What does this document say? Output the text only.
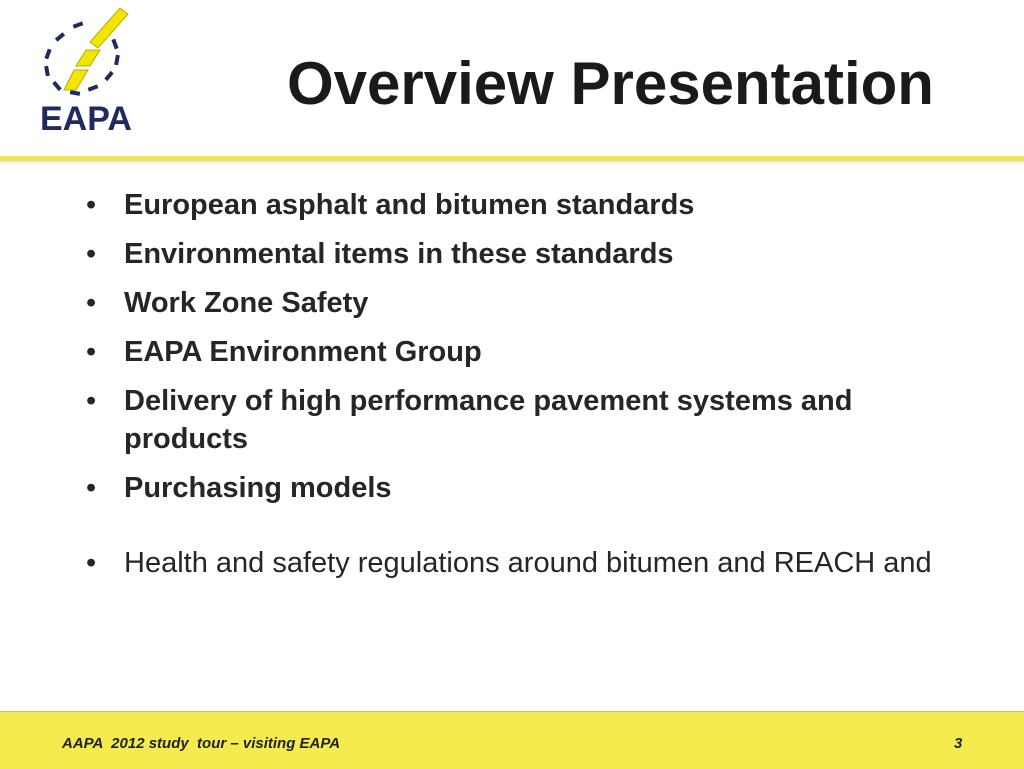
EAPA
Overview Presentation
• European asphalt and bitumen standards
• Environmental items in these standards
• Work Zone Safety
• EAPA Environment Group
• Delivery of high performance pavement systems and products
• Purchasing models
• Health and safety regulations around bitumen and REACH and
AAPA  2012 study  tour – visiting EAPA	3
